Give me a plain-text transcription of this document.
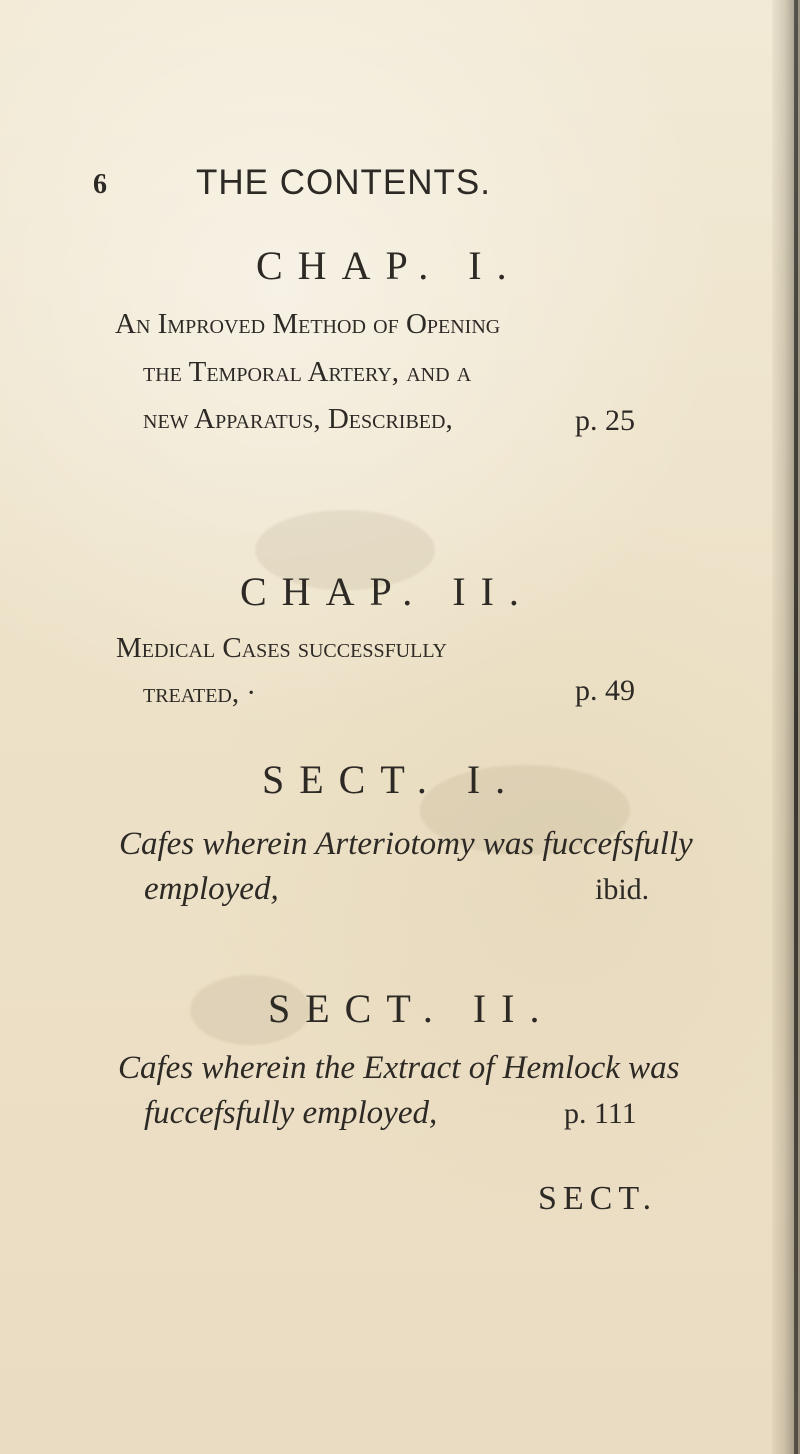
6	THE CONTENTS.
CHAP. I.
An Improved Method of Opening
the Temporal Artery, and a
new Apparatus, Described,	p. 25
CHAP. II.
Medical Cases successfully
treated, ·	p. 49
SECT. I.
Cafes wherein Arteriotomy was fuccefsfully
employed,	ibid.
SECT. II.
Cafes wherein the Extract of Hemlock was
fuccefsfully employed,	p. 111
SECT.
